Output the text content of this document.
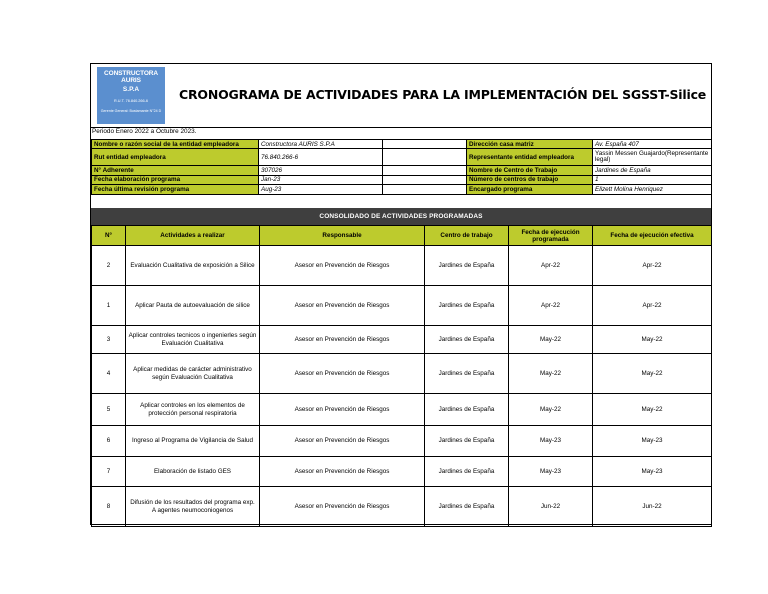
CONSTRUCTORA AURIS
S.P.A
R.U.T. 76.840.266-6
Gerente General: Bustamante N°24 D
CRONOGRAMA DE ACTIVIDADES PARA LA IMPLEMENTACIÓN DEL SGSST-Silice
Periodo Enero 2022 a Octubre 2023.
Nombre o razón social de la entidad empleadora	Constructora AURIS S.P.A		Dirección casa matriz	Av. España 407
Rut entidad empleadora	76.840.266-6		Representante entidad empleadora	Yassin Messen Guajardo(Representante legal)
N° Adherente	307026		Nombre de Centro de Trabajo	Jardines de España
Fecha elaboración programa	Jan-23		Número de centros de trabajo	1
Fecha última revisión programa	Aug-23		Encargado programa	Elizett Molina Henriquez
CONSOLIDADO DE ACTIVIDADES PROGRAMADAS
N°	Actividades a realizar	Responsable	Centro de trabajo	Fecha de ejecución programada	Fecha de ejecución efectiva
2	Evaluación Cualitativa de exposición a Silice	Asesor en Prevención de Riesgos	Jardines de España	Apr-22	Apr-22
1	Aplicar Pauta de autoevaluación de silice	Asesor en Prevención de Riesgos	Jardines de España	Apr-22	Apr-22
3	Aplicar controles tecnicos o ingenierles según Evaluación Cualitativa	Asesor en Prevención de Riesgos	Jardines de España	May-22	May-22
4	Aplicar medidas de carácter administrativo según Evaluación Cualitativa	Asesor en Prevención de Riesgos	Jardines de España	May-22	May-22
5	Aplicar controles en los elementos de protección personal respiratoria	Asesor en Prevención de Riesgos	Jardines de España	May-22	May-22
6	Ingreso al Programa de Vigilancia de Salud	Asesor en Prevención de Riesgos	Jardines de España	May-23	May-23
7	Elaboración de listado GES	Asesor en Prevención de Riesgos	Jardines de España	May-23	May-23
8	Difusión de los resultados del programa exp. A agentes neumoconiogenos	Asesor en Prevención de Riesgos	Jardines de España	Jun-22	Jun-22
